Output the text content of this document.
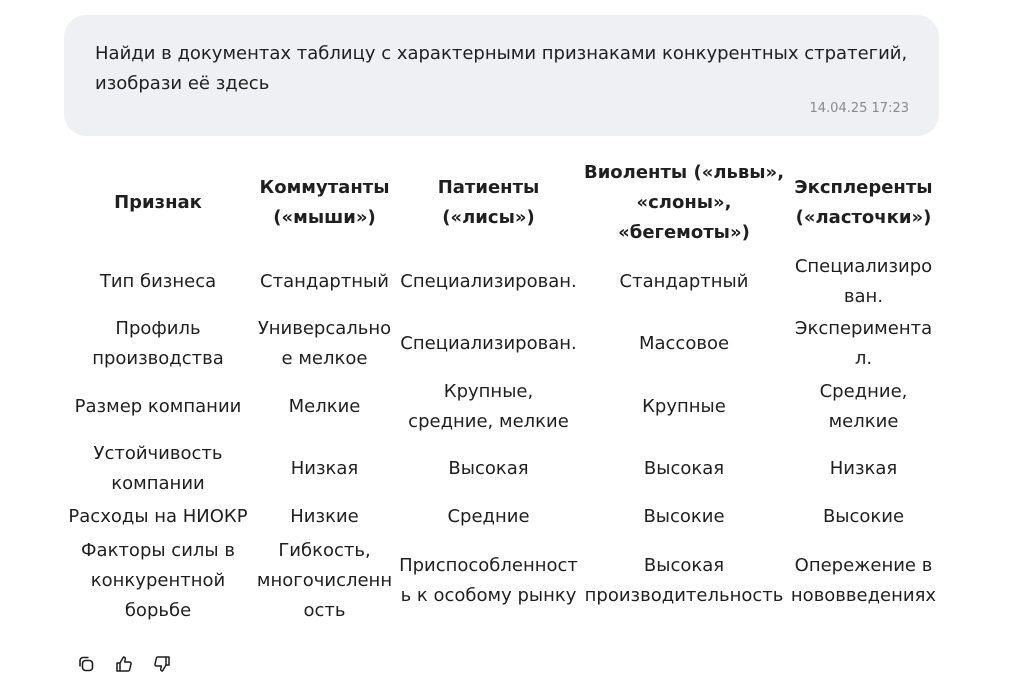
Найди в документах таблицу с характерными признаками конкурентных стратегий, изобрази её здесь
14.04.25 17:23
Признак	Коммутанты («мыши»)	Патиенты («лисы»)	Виоленты («львы», «слоны», «бегемоты»)	Эксплеренты («ласточки»)
Тип бизнеса	Стандартный	Специализирован.	Стандартный	Специализирован.
Профиль производства	Универсальное мелкое	Специализирован.	Массовое	Экспериментал.
Размер компании	Мелкие	Крупные, средние, мелкие	Крупные	Средние, мелкие
Устойчивость компании	Низкая	Высокая	Высокая	Низкая
Расходы на НИОКР	Низкие	Средние	Высокие	Высокие
Факторы силы в конкурентной борьбе	Гибкость, многочисленность	Приспособленность к особому рынку	Высокая производительность	Опережение в нововведениях
